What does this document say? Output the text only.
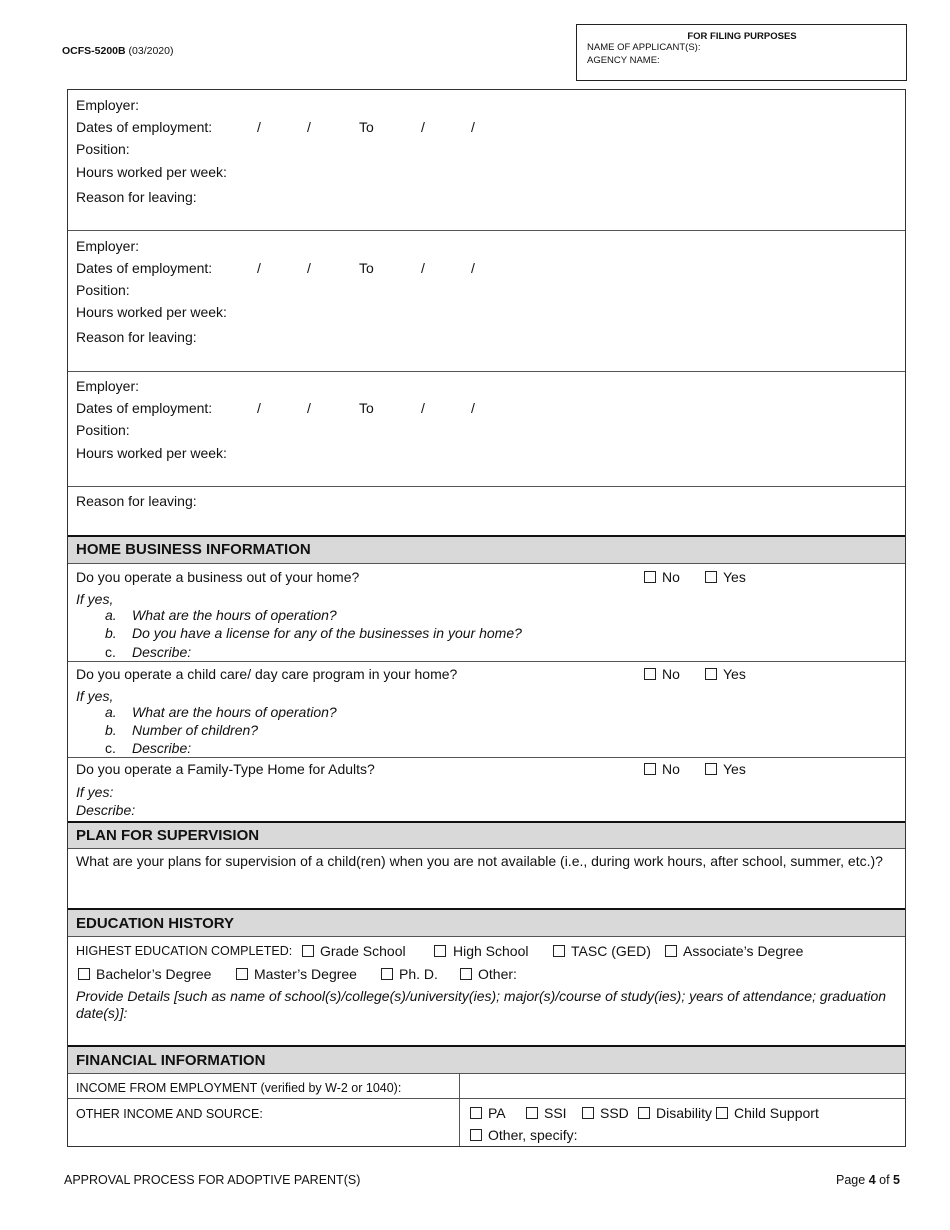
OCFS-5200B (03/2020)
FOR FILING PURPOSES
NAME OF APPLICANT(S):
AGENCY NAME:
Employer:
Dates of employment:	/	/	To	/	/
Position:
Hours worked per week:
Reason for leaving:
Employer:
Dates of employment:	/	/	To	/	/
Position:
Hours worked per week:
Reason for leaving:
Employer:
Dates of employment:	/	/	To	/	/
Position:
Hours worked per week:
Reason for leaving:
HOME BUSINESS INFORMATION
Do you operate a business out of your home?	No	Yes
If yes,
a. What are the hours of operation?
b. Do you have a license for any of the businesses in your home?
c. Describe:
Do you operate a child care/ day care program in your home?	No	Yes
If yes,
a. What are the hours of operation?
b. Number of children?
c. Describe:
Do you operate a Family-Type Home for Adults?	No	Yes
If yes:
Describe:
PLAN FOR SUPERVISION
What are your plans for supervision of a child(ren) when you are not available (i.e., during work hours, after school, summer, etc.)?
EDUCATION HISTORY
HIGHEST EDUCATION COMPLETED: Grade School	High School	TASC (GED) Associate’s Degree
Bachelor’s Degree	Master’s Degree	Ph. D.	Other:
Provide Details [such as name of school(s)/college(s)/university(ies); major(s)/course of study(ies); years of attendance; graduation
date(s)]:
FINANCIAL INFORMATION
INCOME FROM EMPLOYMENT (verified by W-2 or 1040):
OTHER INCOME AND SOURCE:	PA	SSI SSD Disability Child Support
Other, specify:
APPROVAL PROCESS FOR ADOPTIVE PARENT(S)	Page 4 of 5
